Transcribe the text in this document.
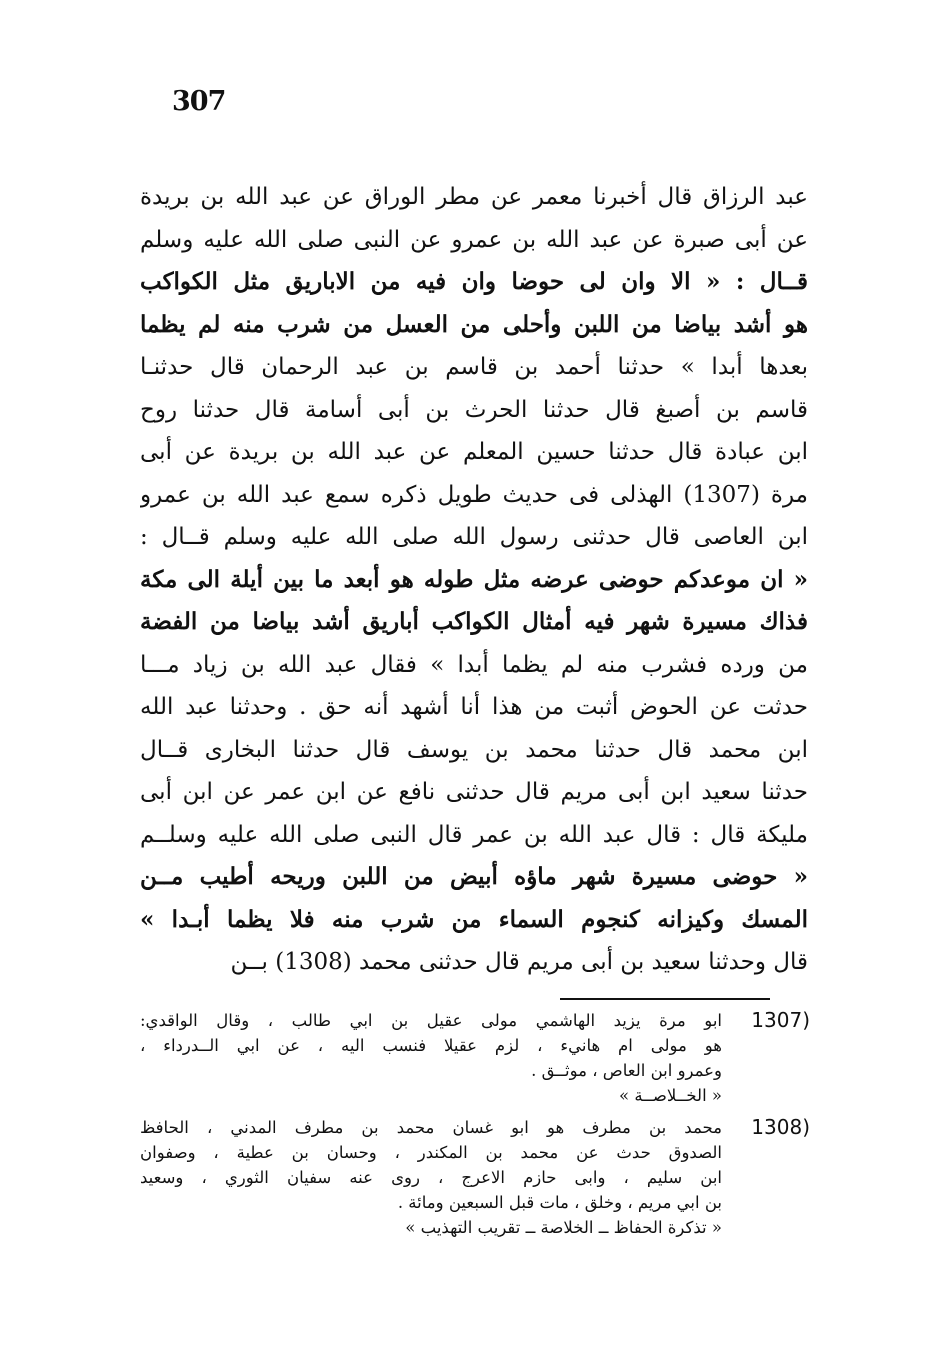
307
عبد الرزاق قال أخبرنا معمر عن مطر الوراق عن عبد الله بن بريدة
عن أبى صبرة عن عبد الله بن عمرو عن النبى صلى الله عليه وسلم
قــال : « الا وان لى حوضا وان فيه من الاباريق مثل الكواكب
هو أشد بياضا من اللبن وأحلى من العسل من شرب منه لم يظما
بعدها أبدا » حدثنا أحمد بن قاسم بن عبد الرحمان قال حدثنـا
قاسم بن أصبغ قال حدثنا الحرث بن أبى أسامة قال حدثنا روح
ابن عبادة قال حدثنا حسين المعلم عن عبد الله بن بريدة عن أبى
مرة (1307) الهذلى فى حديث طويل ذكره سمع عبد الله بن عمرو
ابن العاصى قال حدثنى رسول الله صلى الله عليه وسلم قــال :
« ان موعدكم حوضى عرضه مثل طوله هو أبعد ما بين أيلة الى مكة
فذاك مسيرة شهر فيه أمثال الكواكب أباريق أشد بياضا من الفضة
من ورده فشرب منه لم يظما أبدا » فقال عبد الله بن زياد مـــا
حدثت عن الحوض أثبت من هذا أنا أشهد أنه حق . وحدثنا عبد الله
ابن محمد قال حدثنا محمد بن يوسف قال حدثنا البخارى قــال
حدثنا سعيد ابن أبى مريم قال حدثنى نافع عن ابن عمر عن ابن أبى
مليكة قال : قال عبد الله بن عمر قال النبى صلى الله عليه وسلــم
« حوضى مسيرة شهر ماؤه أبيض من اللبن وريحه أطيب مــن
المسك وكيزانه كنجوم السماء من شرب منه فلا يظما أبـدا »
قال وحدثنا سعيد بن أبى مريم قال حدثنى محمد (1308) بــن
1307)
ابو مرة يزيد الهاشمي مولى عقيل بن ابي طالب ، وقال الواقدي:
هو مولى ام هانيء ، لزم عقيلا فنسب اليه ، عن ابي الــدرداء ،
وعمرو ابن العاص ، موثــق .
« الخــلاصــة »
1308)
محمد بن مطرف هو ابو غسان محمد بن مطرف المدني ، الحافظ
الصدوق حدث عن محمد بن المكندر ، وحسان بن عطية ، وصفوان
ابن سليم ، وابى حازم الاعرج ، روى عنه سفيان الثوري ، وسعيد
بن ابي مريم ، وخلق ، مات قبل السبعين ومائة .
« تذكرة الحفاظ ــ الخلاصة ــ تقريب التهذيب »
